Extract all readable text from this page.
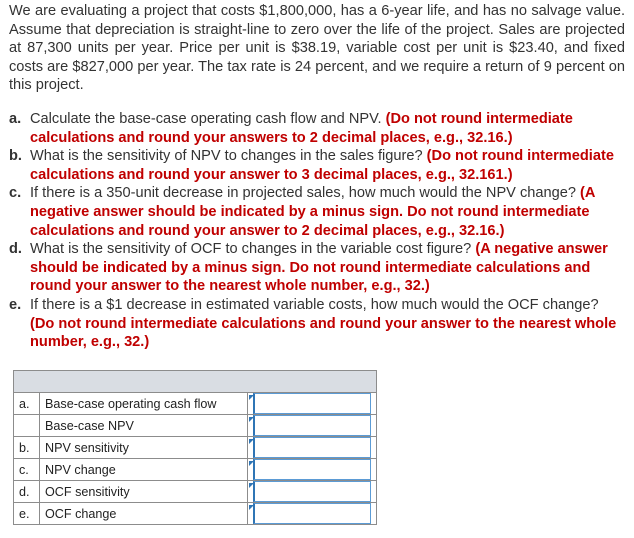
We are evaluating a project that costs $1,800,000, has a 6-year life, and has no salvage value. Assume that depreciation is straight-line to zero over the life of the project. Sales are projected at 87,300 units per year. Price per unit is $38.19, variable cost per unit is $23.40, and fixed costs are $827,000 per year. The tax rate is 24 percent, and we require a return of 9 percent on this project.

a. Calculate the base-case operating cash flow and NPV. (Do not round intermediate calculations and round your answers to 2 decimal places, e.g., 32.16.)
b. What is the sensitivity of NPV to changes in the sales figure? (Do not round intermediate calculations and round your answer to 3 decimal places, e.g., 32.161.)
c. If there is a 350-unit decrease in projected sales, how much would the NPV change? (A negative answer should be indicated by a minus sign. Do not round intermediate calculations and round your answer to 2 decimal places, e.g., 32.16.)
d. What is the sensitivity of OCF to changes in the variable cost figure? (A negative answer should be indicated by a minus sign. Do not round intermediate calculations and round your answer to the nearest whole number, e.g., 32.)
e. If there is a $1 decrease in estimated variable costs, how much would the OCF change? (Do not round intermediate calculations and round your answer to the nearest whole number, e.g., 32.)

a.	Base-case operating cash flow	

	Base-case NPV	

b.	NPV sensitivity	

c.	NPV change	

d.	OCF sensitivity	

e.	OCF change	
